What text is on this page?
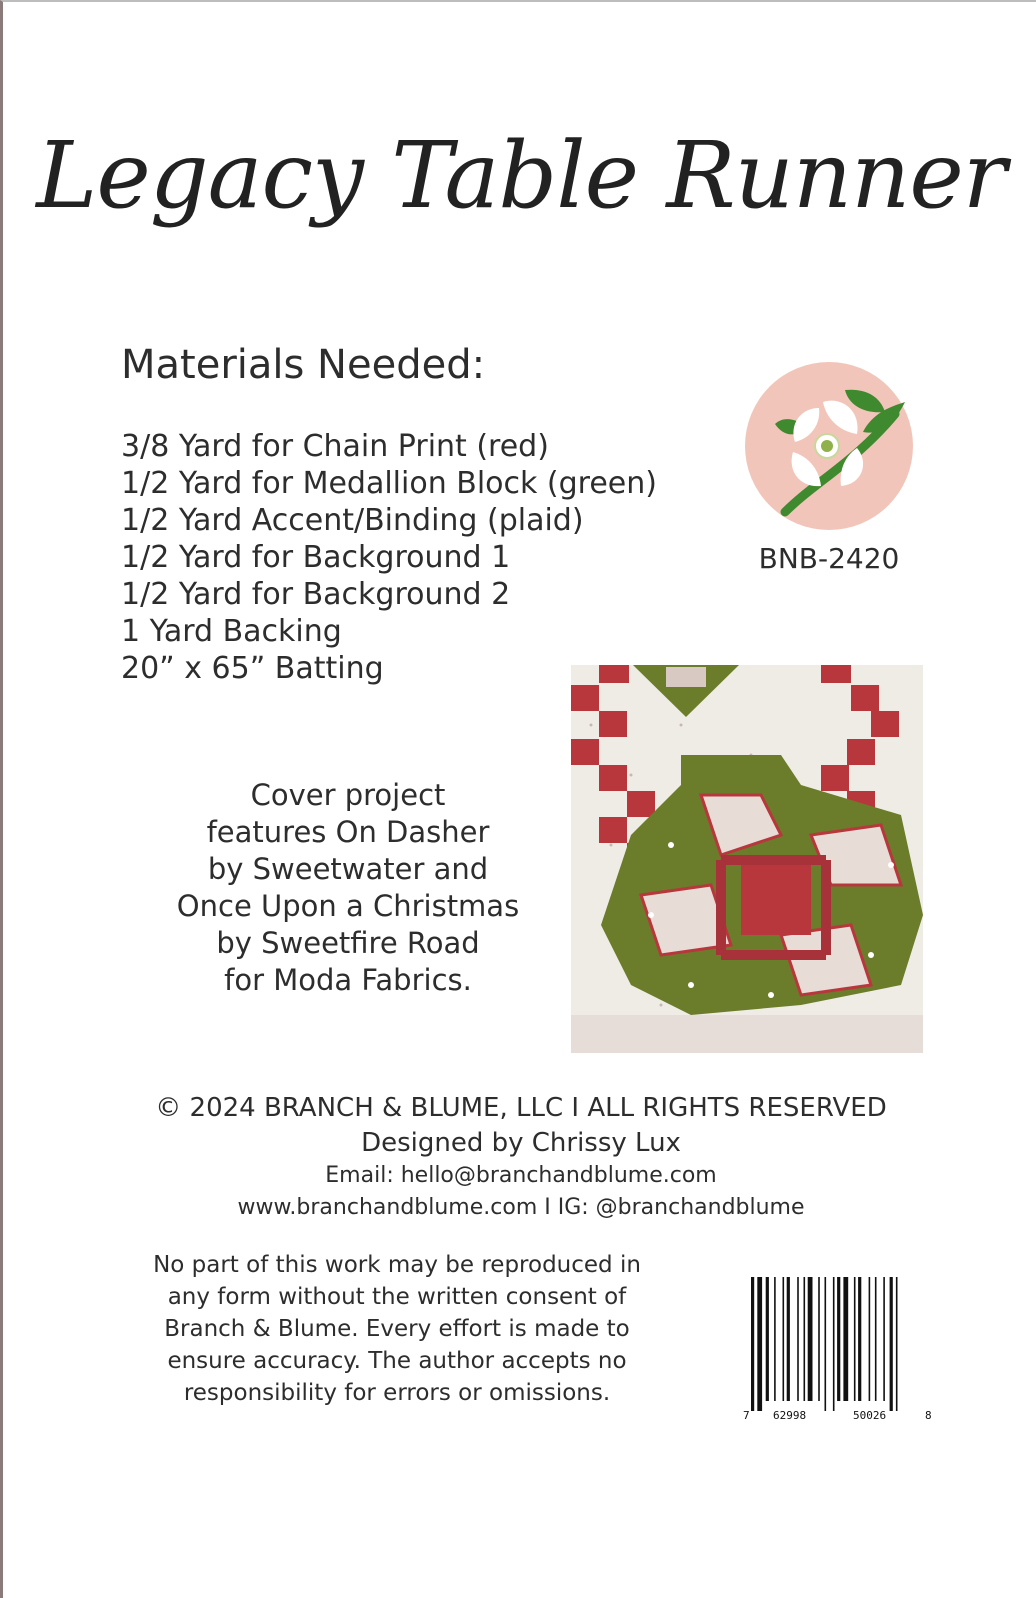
Legacy Table Runner
Materials Needed:
3/8 Yard for Chain Print (red)
1/2 Yard for Medallion Block (green)
1/2 Yard Accent/Binding (plaid)
1/2 Yard for Background 1
1/2 Yard for Background 2
1 Yard Backing
20” x 65” Batting
BNB-2420
Cover project
features On Dasher
by Sweetwater and
Once Upon a Christmas
by Sweetfire Road
for Moda Fabrics.
© 2024 BRANCH & BLUME, LLC I ALL RIGHTS RESERVED
Designed by Chrissy Lux
Email: hello@branchandblume.com
www.branchandblume.com I IG: @branchandblume
No part of this work may be reproduced in
any form without the written consent of
Branch & Blume. Every effort is made to
ensure accuracy. The author accepts no
responsibility for errors or omissions.
7 62998	50026	8
